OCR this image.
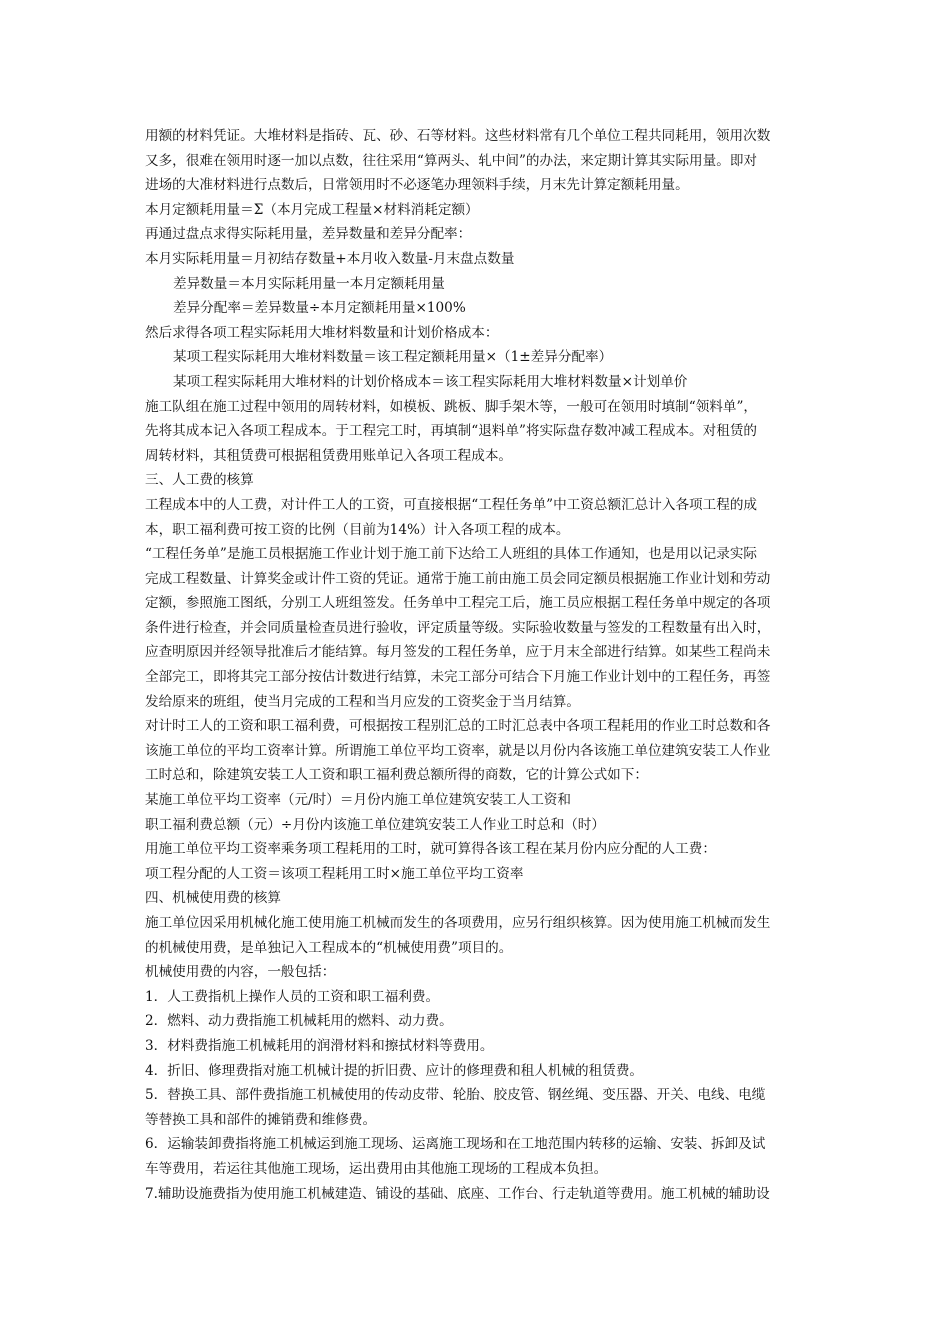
用额的材料凭证。大堆材料是指砖、瓦、砂、石等材料。这些材料常有几个单位工程共同耗用，领用次数
又多，很难在领用时逐一加以点数，往往采用“算两头、轧中间”的办法，来定期计算其实际用量。即对
进场的大准材料进行点数后，日常领用时不必逐笔办理领料手续，月末先计算定额耗用量。
本月定额耗用量＝Σ（本月完成工程量×材料消耗定额）
再通过盘点求得实际耗用量，差异数量和差异分配率：
本月实际耗用量＝月初结存数量+本月收入数量-月末盘点数量
差异数量＝本月实际耗用量一本月定额耗用量
差异分配率＝差异数量÷本月定额耗用量×100%
然后求得各项工程实际耗用大堆材料数量和计划价格成本：
某项工程实际耗用大堆材料数量＝该工程定额耗用量×（1±差异分配率）
某项工程实际耗用大堆材料的计划价格成本＝该工程实际耗用大堆材料数量×计划单价
施工队组在施工过程中领用的周转材料，如模板、跳板、脚手架木等，一般可在领用时填制“领料单”，
先将其成本记入各项工程成本。于工程完工时，再填制“退料单”将实际盘存数冲减工程成本。对租赁的
周转材料，其租赁费可根据租赁费用账单记入各项工程成本。
三、人工费的核算
工程成本中的人工费，对计件工人的工资，可直接根据“工程任务单”中工资总额汇总计入各项工程的成
本，职工福利费可按工资的比例（目前为14%）计入各项工程的成本。
“工程任务单”是施工员根据施工作业计划于施工前下达给工人班组的具体工作通知，也是用以记录实际
完成工程数量、计算奖金或计件工资的凭证。通常于施工前由施工员会同定额员根据施工作业计划和劳动
定额，参照施工图纸，分别工人班组签发。任务单中工程完工后，施工员应根据工程任务单中规定的各项
条件进行检查，并会同质量检查员进行验收，评定质量等级。实际验收数量与签发的工程数量有出入时，
应查明原因并经领导批准后才能结算。每月签发的工程任务单，应于月末全部进行结算。如某些工程尚未
全部完工，即将其完工部分按估计数进行结算，未完工部分可结合下月施工作业计划中的工程任务，再签
发给原来的班组，使当月完成的工程和当月应发的工资奖金于当月结算。
对计时工人的工资和职工福利费，可根据按工程别汇总的工时汇总表中各项工程耗用的作业工时总数和各
该施工单位的平均工资率计算。所谓施工单位平均工资率，就是以月份内各该施工单位建筑安装工人作业
工时总和，除建筑安装工人工资和职工福利费总额所得的商数，它的计算公式如下：
某施工单位平均工资率（元/时）＝月份内施工单位建筑安装工人工资和
职工福利费总额（元）÷月份内该施工单位建筑安装工人作业工时总和（时）
用施工单位平均工资率乘务项工程耗用的工时，就可算得各该工程在某月份内应分配的人工费：
项工程分配的人工资＝该项工程耗用工时×施工单位平均工资率
四、机械使用费的核算
施工单位因采用机械化施工使用施工机械而发生的各项费用，应另行组织核算。因为使用施工机械而发生
的机械使用费，是单独记入工程成本的“机械使用费”项目的。
机械使用费的内容，一般包括：
1．人工费指机上操作人员的工资和职工福利费。
2．燃料、动力费指施工机械耗用的燃料、动力费。
3．材料费指施工机械耗用的润滑材料和擦拭材料等费用。
4．折旧、修理费指对施工机械计提的折旧费、应计的修理费和租人机械的租赁费。
5．替换工具、部件费指施工机械使用的传动皮带、轮胎、胶皮管、钢丝绳、变压器、开关、电线、电缆
等替换工具和部件的摊销费和维修费。
6．运输装卸费指将施工机械运到施工现场、运离施工现场和在工地范围内转移的运输、安装、拆卸及试
车等费用，若运往其他施工现场，运出费用由其他施工现场的工程成本负担。
7.辅助设施费指为使用施工机械建造、铺设的基础、底座、工作台、行走轨道等费用。施工机械的辅助设
